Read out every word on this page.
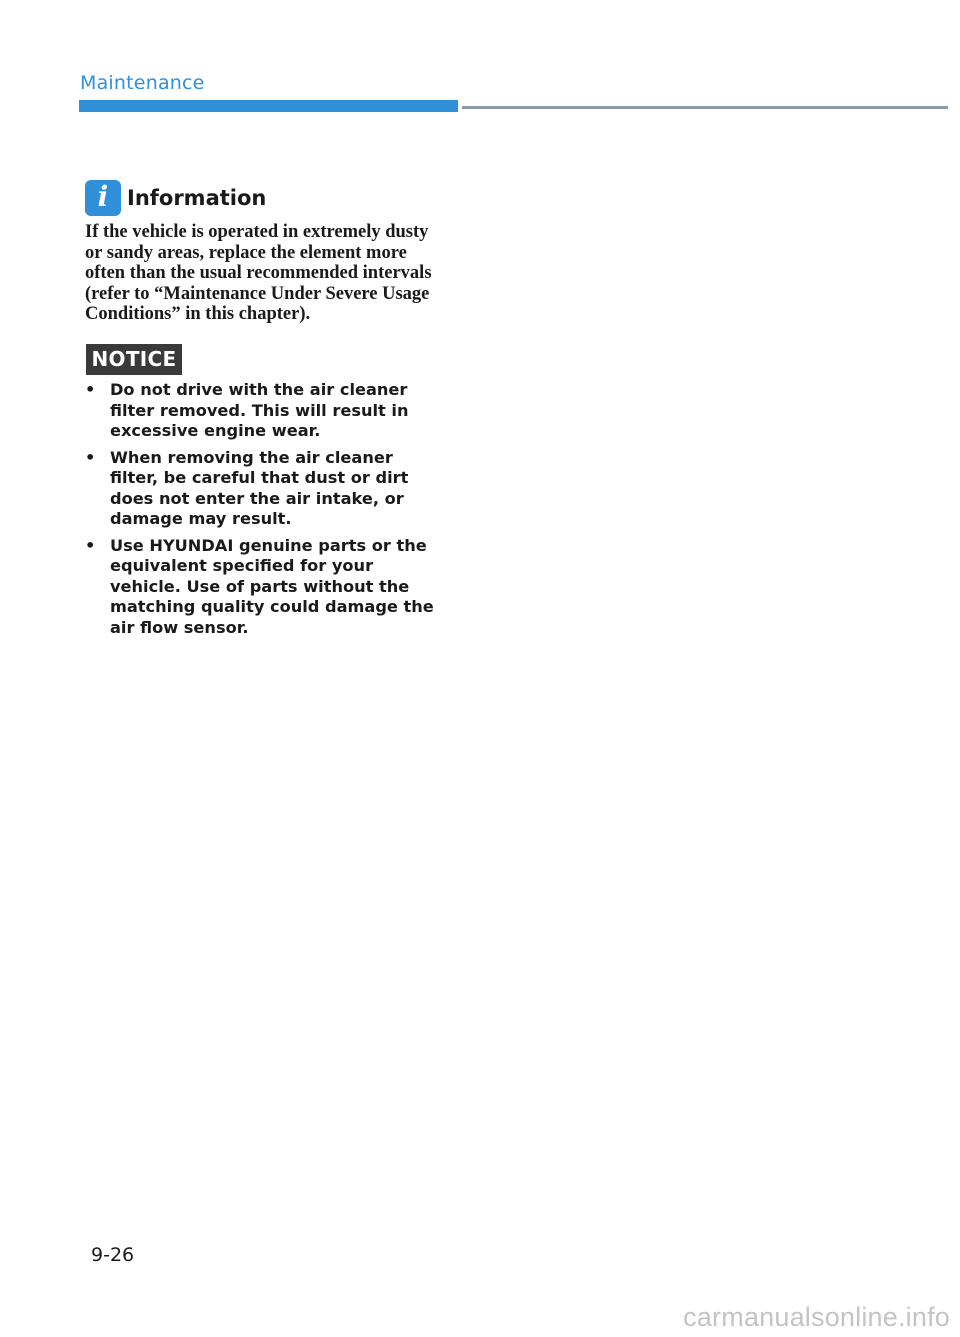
Maintenance
i Information
If the vehicle is operated in extremely dusty or sandy areas, replace the element more often than the usual recommended intervals (refer to “Maintenance Under Severe Usage Conditions” in this chapter).
NOTICE
• Do not drive with the air cleaner filter removed. This will result in excessive engine wear.
• When removing the air cleaner filter, be careful that dust or dirt does not enter the air intake, or damage may result.
• Use HYUNDAI genuine parts or the equivalent specified for your vehicle. Use of parts without the matching quality could damage the air flow sensor.
9-26
carmanualsonline.info
